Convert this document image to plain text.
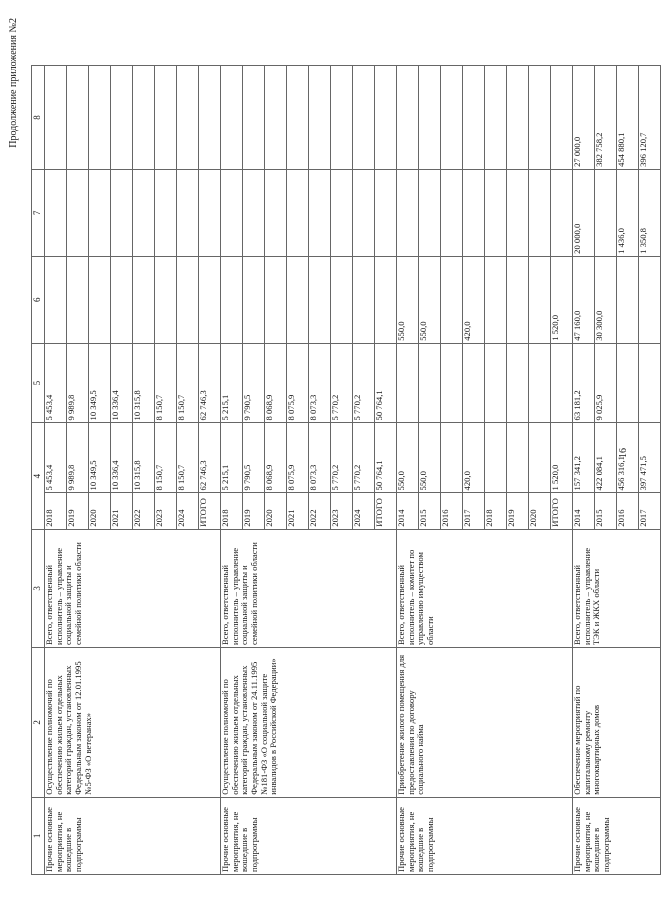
16
Продолжение приложения №2
1	2	3	4		5	6	7	8
Прочие основные мероприятия, не вошедшие в подпрограммы	Осуществление полномочий по обеспечению жильем отдельных категорий граждан, установленных Федеральным законом от 12.01.1995 №5-ФЗ «О ветеранах»	Всего, ответственный исполнитель – управление социальной защиты и семейной политики области	2018	5 453,4	5 453,4			
			2019	9 989,8	9 989,8			
			2020	10 349,5	10 349,5			
			2021	10 336,4	10 336,4			
			2022	10 315,8	10 315,8			
			2023	8 150,7	8 150,7			
			2024	8 150,7	8 150,7			
			ИТОГО	62 746,3	62 746,3			
Прочие основные мероприятия, не вошедшие в подпрограммы	Осуществление полномочий по обеспечению жильем отдельных категорий граждан, установленных Федеральным законом от 24.11.1995 №181-ФЗ «О социальной защите инвалидов в Российской Федерации»	Всего, ответственный исполнитель – управление социальной защиты и семейной политики области	2018	5 215,1	5 215,1			
			2019	9 790,5	9 790,5			
			2020	8 068,9	8 068,9			
			2021	8 075,9	8 075,9			
			2022	8 073,3	8 073,3			
			2023	5 770,2	5 770,2			
			2024	5 770,2	5 770,2			
			ИТОГО	50 764,1	50 764,1			
Прочие основные мероприятия, не вошедшие в подпрограммы	Приобретение жилого помещения для предоставления по договору социального найма	Всего, ответственный исполнитель – комитет по управлению имуществом области	2014	550,0		550,0		
			2015	550,0		550,0		
			2016					
			2017	420,0		420,0		
			2018					
			2019					
			2020					
			ИТОГО	1 520,0		1 520,0		
Прочие основные мероприятия, не вошедшие в подпрограммы	Обеспечение мероприятий по капитальному ремонту многоквартирных домов	Всего, ответственный исполнитель – управление ТЭК и ЖКХ области	2014	157 341,2	63 181,2	47 160,0	20 000,0	27 000,0
			2015	422 084,1	9 025,9	30 300,0		382 758,2
			2016	456 316,1			1 436,0	454 880,1
			2017	397 471,5			1 350,8	396 120,7
